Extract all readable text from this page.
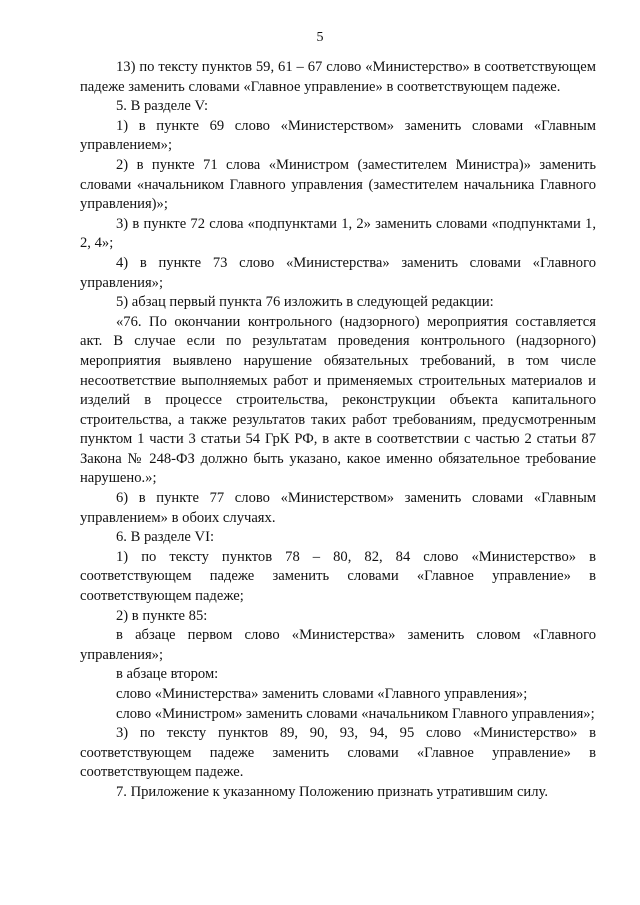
5

13) по тексту пунктов 59, 61 – 67 слово «Министерство» в соответствующем падеже заменить словами «Главное управление» в соответствующем падеже.

5. В разделе V:

1) в пункте 69 слово «Министерством» заменить словами «Главным управлением»;

2) в пункте 71 слова «Министром (заместителем Министра)» заменить словами «начальником Главного управления (заместителем начальника Главного управления)»;

3) в пункте 72 слова «подпунктами 1, 2» заменить словами «подпунктами 1, 2, 4»;

4) в пункте 73 слово «Министерства» заменить словами «Главного управления»;

5) абзац первый пункта 76 изложить в следующей редакции:

«76. По окончании контрольного (надзорного) мероприятия составляется акт. В случае если по результатам проведения контрольного (надзорного) мероприятия выявлено нарушение обязательных требований, в том числе несоответствие выполняемых работ и применяемых строительных материалов и изделий в процессе строительства, реконструкции объекта капитального строительства, а также результатов таких работ требованиям, предусмотренным пунктом 1 части 3 статьи 54 ГрК РФ, в акте в соответствии с частью 2 статьи 87 Закона № 248-ФЗ должно быть указано, какое именно обязательное требование нарушено.»;

6) в пункте 77 слово «Министерством» заменить словами «Главным управлением» в обоих случаях.

6. В разделе VI:

1) по тексту пунктов 78 – 80, 82, 84 слово «Министерство» в соответствующем падеже заменить словами «Главное управление» в соответствующем падеже;

2) в пункте 85:

в абзаце первом слово «Министерства» заменить словом «Главного управления»;

в абзаце втором:

слово «Министерства» заменить словами «Главного управления»;

слово «Министром» заменить словами «начальником Главного управления»;

3) по тексту пунктов 89, 90, 93, 94, 95 слово «Министерство» в соответствующем падеже заменить словами «Главное управление» в соответствующем падеже.

7. Приложение к указанному Положению признать утратившим силу.
